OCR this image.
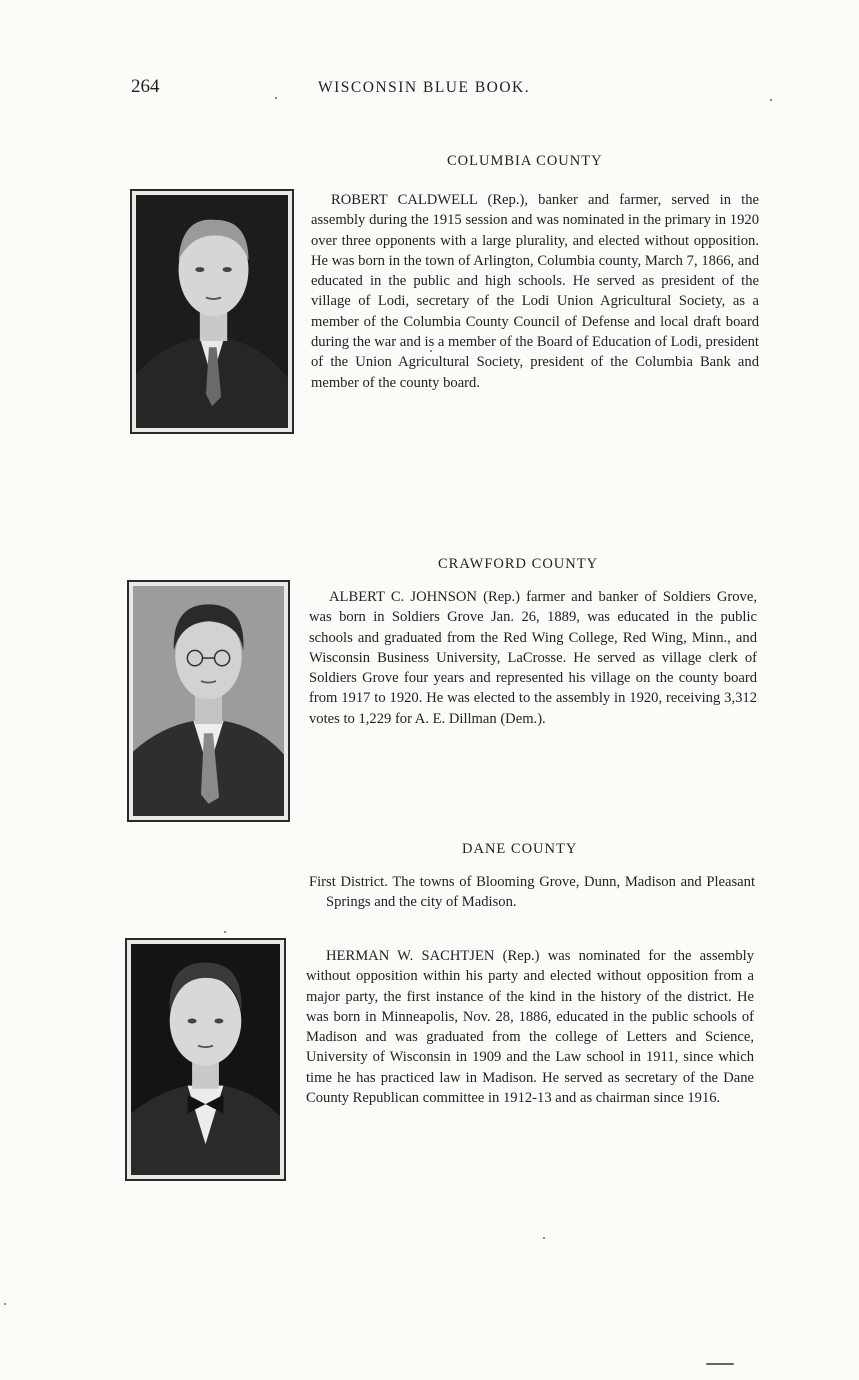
264	WISCONSIN BLUE BOOK.
COLUMBIA COUNTY

ROBERT CALDWELL (Rep.), banker and farmer, served in the assembly during the 1915 session and was nominated in the primary in 1920 over three opponents with a large plurality, and elected without opposition. He was born in the town of Arlington, Columbia county, March 7, 1866, and educated in the public and high schools. He served as president of the village of Lodi, secretary of the Lodi Union Agricultural Society, as a member of the Columbia County Council of Defense and local draft board during the war and is a member of the Board of Education of Lodi, president of the Union Agricultural Society, president of the Columbia Bank and member of the county board.

CRAWFORD COUNTY

ALBERT C. JOHNSON (Rep.) farmer and banker of Soldiers Grove, was born in Soldiers Grove Jan. 26, 1889, was educated in the public schools and graduated from the Red Wing College, Red Wing, Minn., and Wisconsin Business University, LaCrosse. He served as village clerk of Soldiers Grove four years and represented his village on the county board from 1917 to 1920. He was elected to the assembly in 1920, receiving 3,312 votes to 1,229 for A. E. Dillman (Dem.).

DANE COUNTY

First District. The towns of Blooming Grove, Dunn, Madison and Pleasant Springs and the city of Madison.

HERMAN W. SACHTJEN (Rep.) was nominated for the assembly without opposition within his party and elected without opposition from a major party, the first instance of the kind in the history of the district. He was born in Minneapolis, Nov. 28, 1886, educated in the public schools of Madison and was graduated from the college of Letters and Science, University of Wisconsin in 1909 and the Law school in 1911, since which time he has practiced law in Madison. He served as secretary of the Dane County Republican committee in 1912-13 and as chairman since 1916.
